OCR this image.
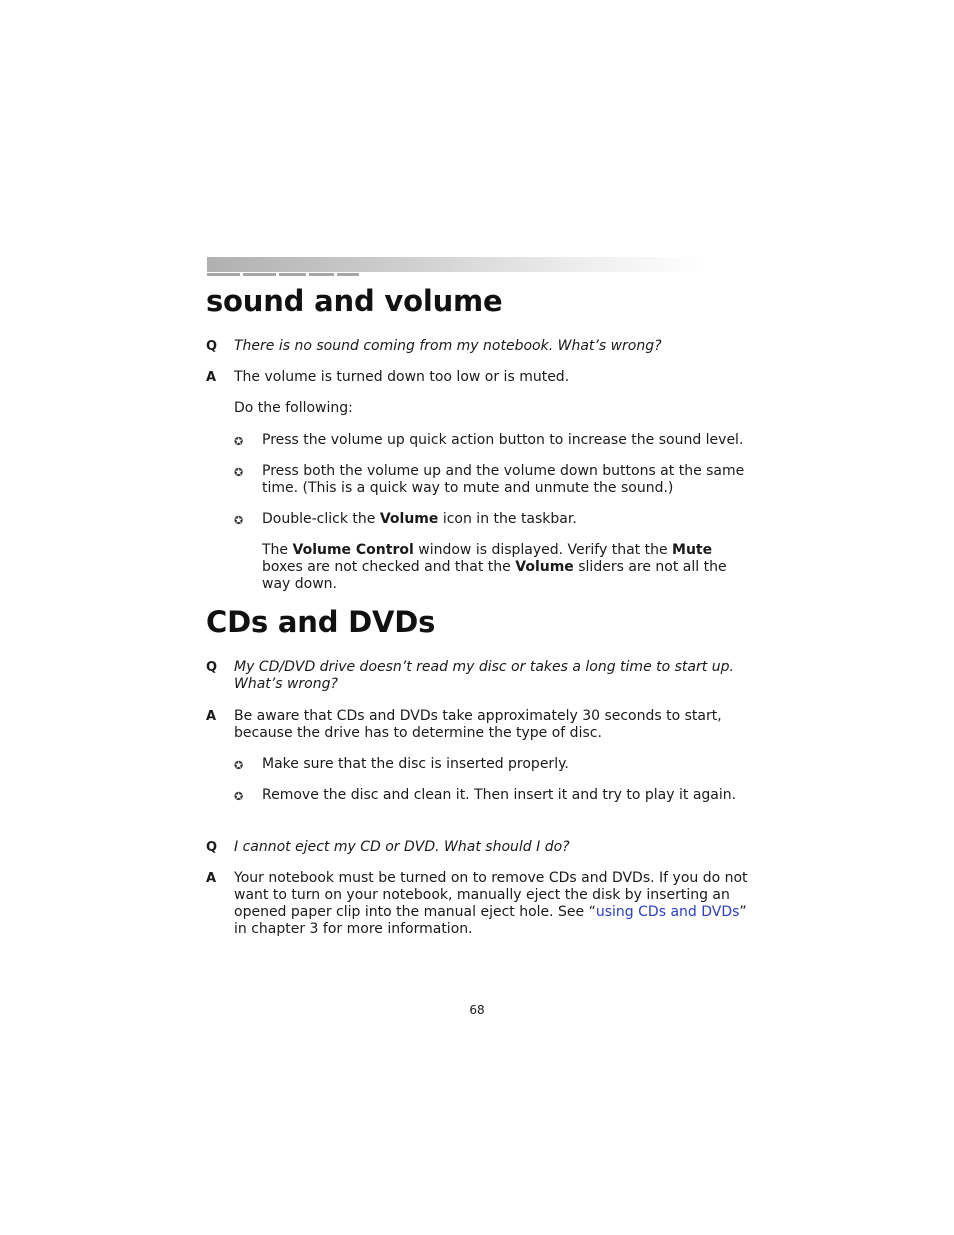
sound and volume
Q There is no sound coming from my notebook. What’s wrong?
A The volume is turned down too low or is muted.
Do the following:
✪ Press the volume up quick action button to increase the sound level.
✪ Press both the volume up and the volume down buttons at the same time. (This is a quick way to mute and unmute the sound.)
✪ Double-click the Volume icon in the taskbar.
The Volume Control window is displayed. Verify that the Mute boxes are not checked and that the Volume sliders are not all the way down.
CDs and DVDs
Q My CD/DVD drive doesn’t read my disc or takes a long time to start up. What’s wrong?
A Be aware that CDs and DVDs take approximately 30 seconds to start, because the drive has to determine the type of disc.
✪ Make sure that the disc is inserted properly.
✪ Remove the disc and clean it. Then insert it and try to play it again.
Q I cannot eject my CD or DVD. What should I do?
A Your notebook must be turned on to remove CDs and DVDs. If you do not want to turn on your notebook, manually eject the disk by inserting an opened paper clip into the manual eject hole. See “using CDs and DVDs” in chapter 3 for more information.
68
